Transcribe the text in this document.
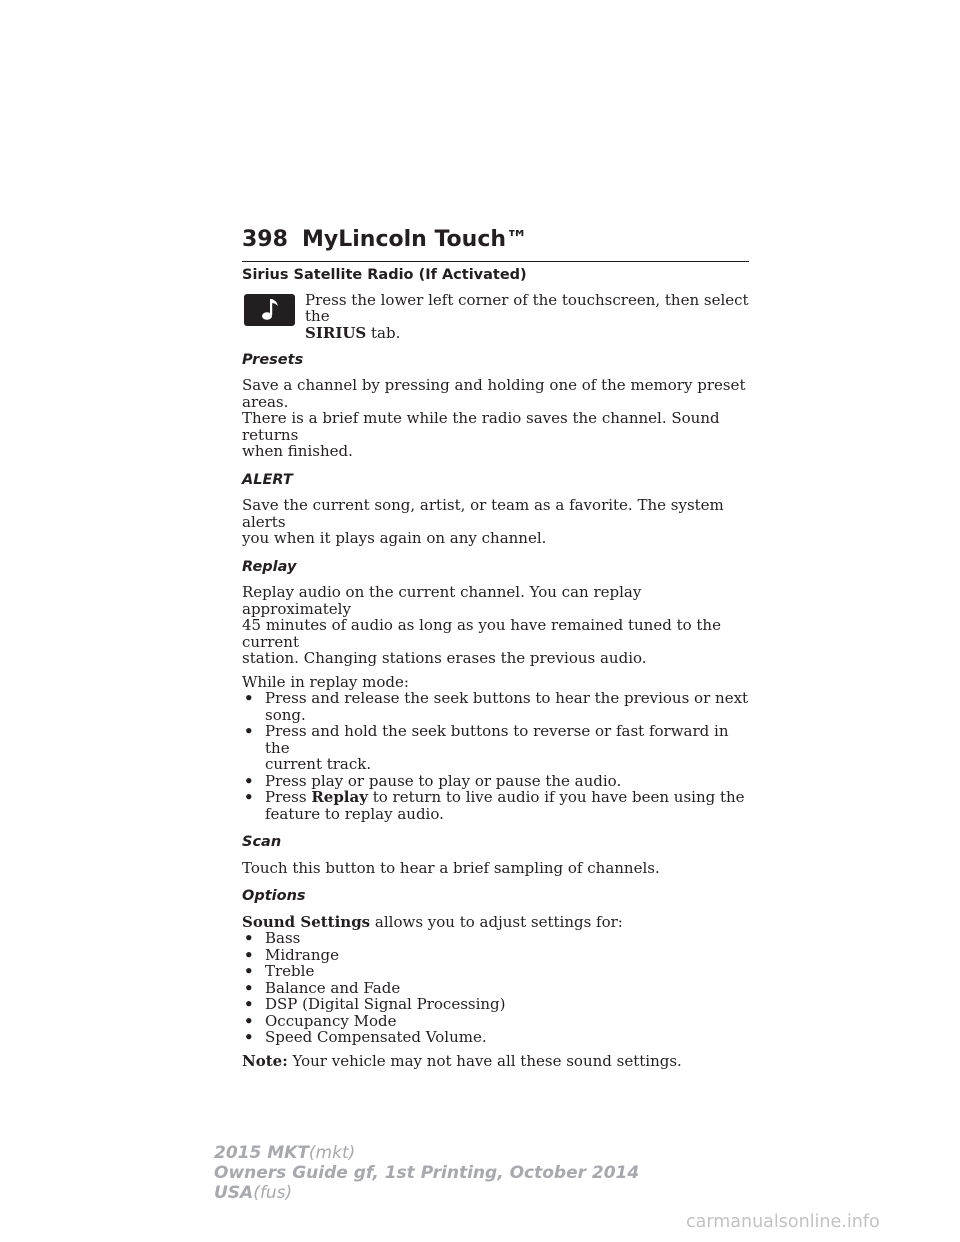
398 MyLincoln Touch™
Sirius Satellite Radio (If Activated)
Press the lower left corner of the touchscreen, then select the
SIRIUS tab.
Presets
Save a channel by pressing and holding one of the memory preset areas.
There is a brief mute while the radio saves the channel. Sound returns
when finished.
ALERT
Save the current song, artist, or team as a favorite. The system alerts
you when it plays again on any channel.
Replay
Replay audio on the current channel. You can replay approximately
45 minutes of audio as long as you have remained tuned to the current
station. Changing stations erases the previous audio.
While in replay mode:
• Press and release the seek buttons to hear the previous or next song.
• Press and hold the seek buttons to reverse or fast forward in the
current track.
• Press play or pause to play or pause the audio.
• Press Replay to return to live audio if you have been using the
feature to replay audio.
Scan
Touch this button to hear a brief sampling of channels.
Options
Sound Settings allows you to adjust settings for:
• Bass
• Midrange
• Treble
• Balance and Fade
• DSP (Digital Signal Processing)
• Occupancy Mode
• Speed Compensated Volume.
Note: Your vehicle may not have all these sound settings.
2015 MKT(mkt)
Owners Guide gf, 1st Printing, October 2014
USA(fus)
carmanualsonline.info
